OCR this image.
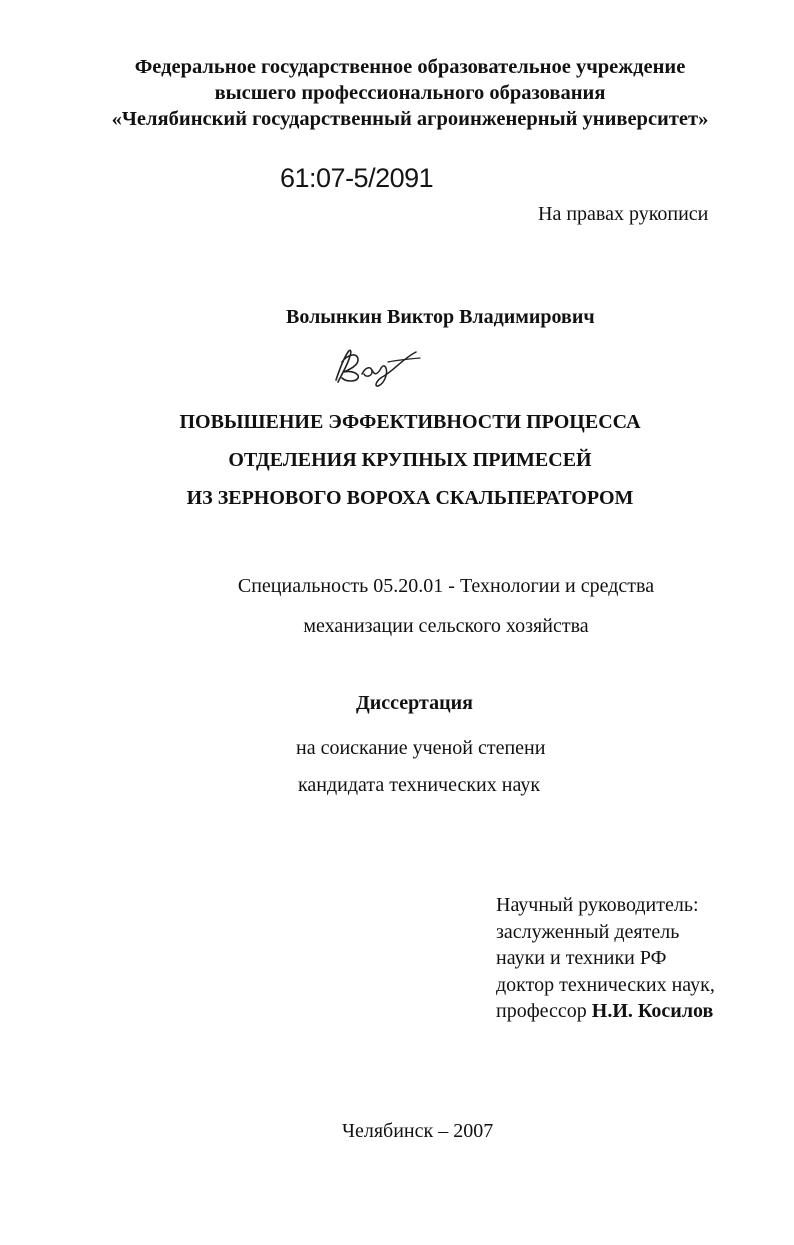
Федеральное государственное образовательное учреждение
высшего профессионального образования
«Челябинский государственный агроинженерный университет»
61:07-5/2091
На правах рукописи
Волынкин Виктор Владимирович
ПОВЫШЕНИЕ ЭФФЕКТИВНОСТИ ПРОЦЕССА
ОТДЕЛЕНИЯ КРУПНЫХ ПРИМЕСЕЙ
ИЗ ЗЕРНОВОГО ВОРОХА СКАЛЬПЕРАТОРОМ
Специальность 05.20.01 - Технологии и средства
механизации сельского хозяйства
Диссертация
на соискание ученой степени
кандидата технических наук
Научный руководитель:
заслуженный деятель
науки и техники РФ
доктор технических наук,
профессор Н.И. Косилов
Челябинск – 2007
